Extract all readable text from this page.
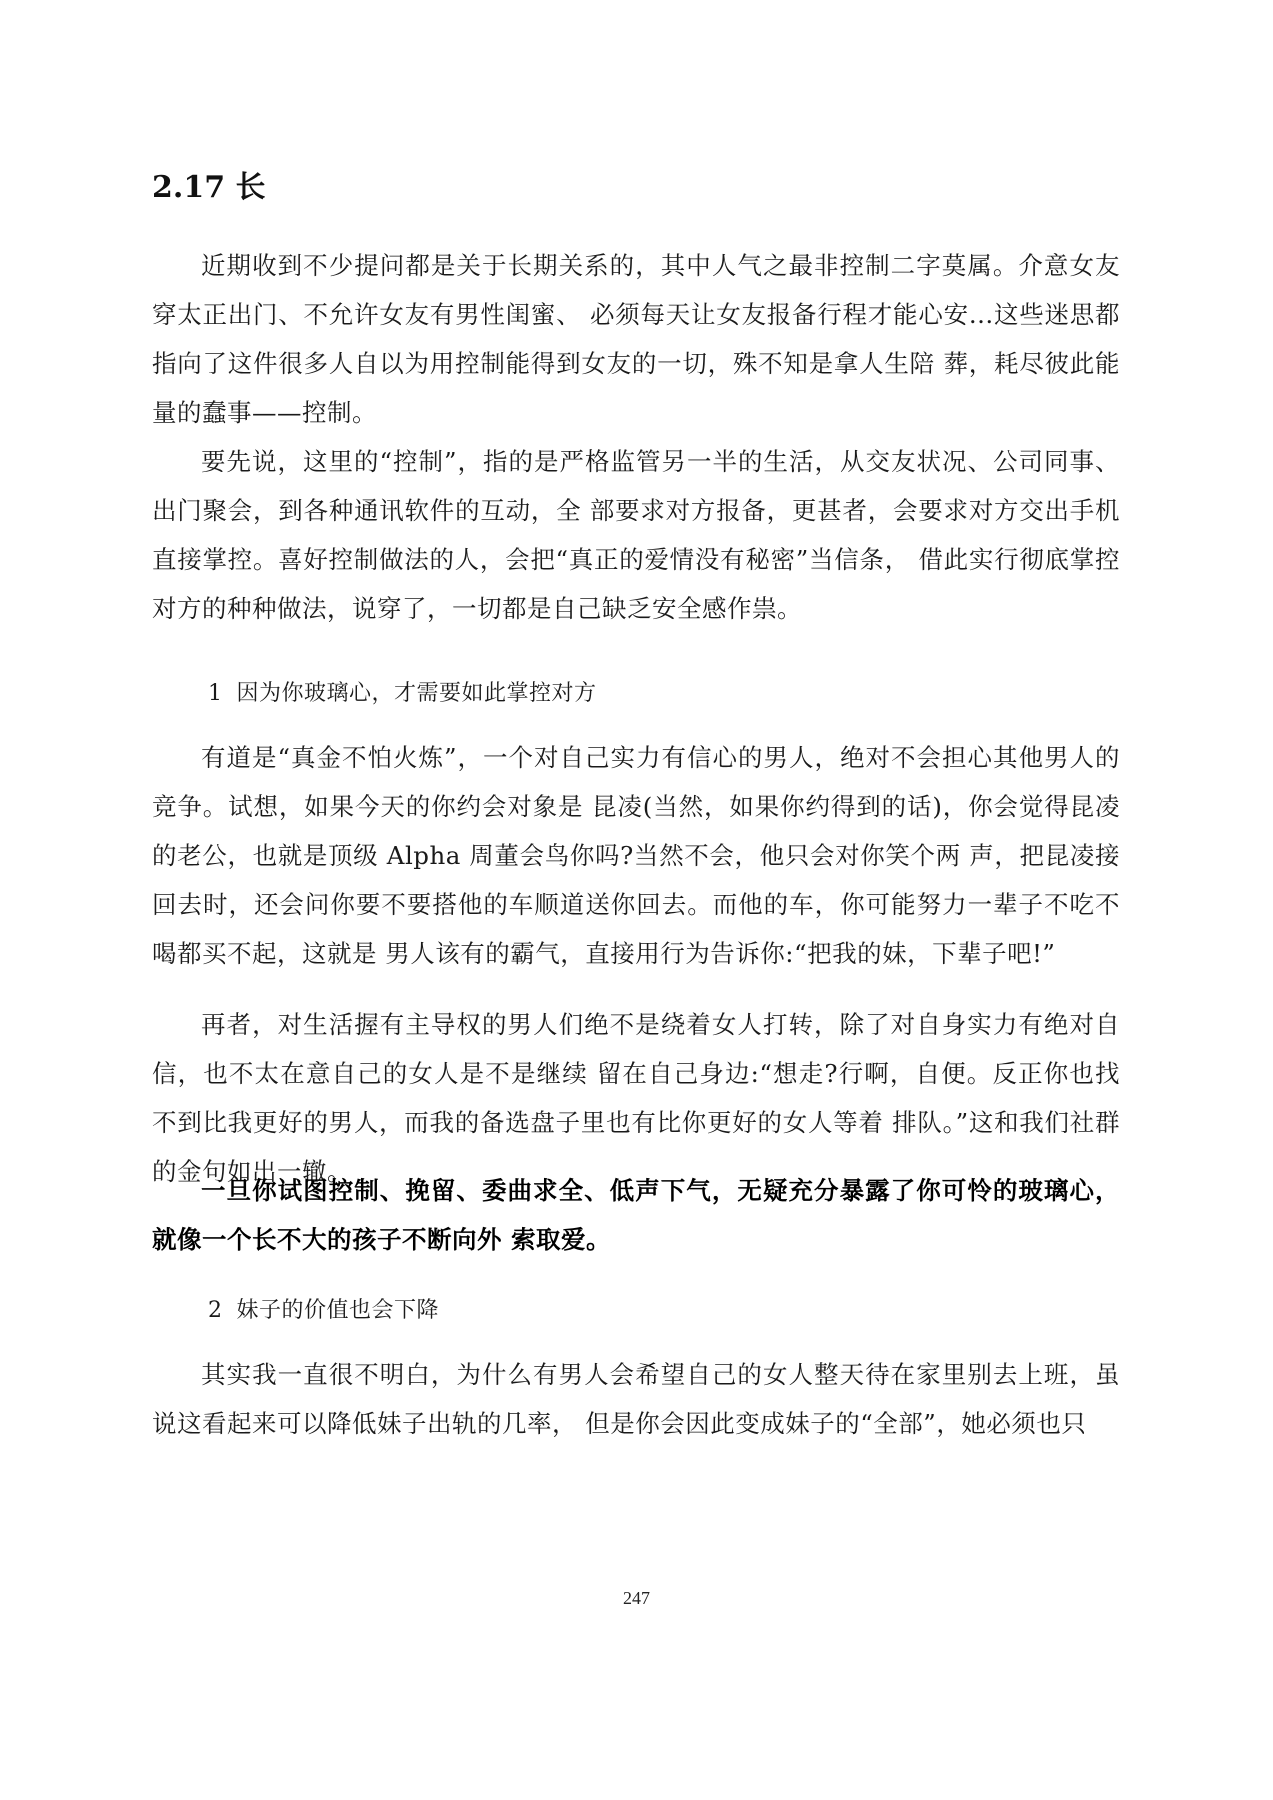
2.17 长

近期收到不少提问都是关于长期关系的，其中人气之最非控制二字莫属。介意女友穿太正出门、不允许女友有男性闺蜜、 必须每天让女友报备行程才能心安...这些迷思都指向了这件很多人自以为用控制能得到女友的一切，殊不知是拿人生陪 葬，耗尽彼此能量的蠢事——控制。

要先说，这里的“控制”，指的是严格监管另一半的生活，从交友状况、公司同事、出门聚会，到各种通讯软件的互动，全 部要求对方报备，更甚者，会要求对方交出手机直接掌控。喜好控制做法的人，会把“真正的爱情没有秘密”当信条， 借此实行彻底掌控对方的种种做法，说穿了，一切都是自己缺乏安全感作祟。

1 因为你玻璃心，才需要如此掌控对方

有道是“真金不怕火炼”，一个对自己实力有信心的男人，绝对不会担心其他男人的竞争。试想，如果今天的你约会对象是 昆凌(当然，如果你约得到的话)，你会觉得昆凌的老公，也就是顶级 Alpha 周董会鸟你吗?当然不会，他只会对你笑个两 声，把昆凌接回去时，还会问你要不要搭他的车顺道送你回去。而他的车，你可能努力一辈子不吃不喝都买不起，这就是 男人该有的霸气，直接用行为告诉你:“把我的妹，下辈子吧!”

再者，对生活握有主导权的男人们绝不是绕着女人打转，除了对自身实力有绝对自信，也不太在意自己的女人是不是继续 留在自己身边:“想走?行啊，自便。反正你也找不到比我更好的男人，而我的备选盘子里也有比你更好的女人等着 排队。”这和我们社群的金句如出一辙。

一旦你试图控制、挽留、委曲求全、低声下气，无疑充分暴露了你可怜的玻璃心，就像一个长不大的孩子不断向外 索取爱。

2 妹子的价值也会下降

其实我一直很不明白，为什么有男人会希望自己的女人整天待在家里别去上班，虽说这看起来可以降低妹子出轨的几率， 但是你会因此变成妹子的“全部”，她必须也只

247
